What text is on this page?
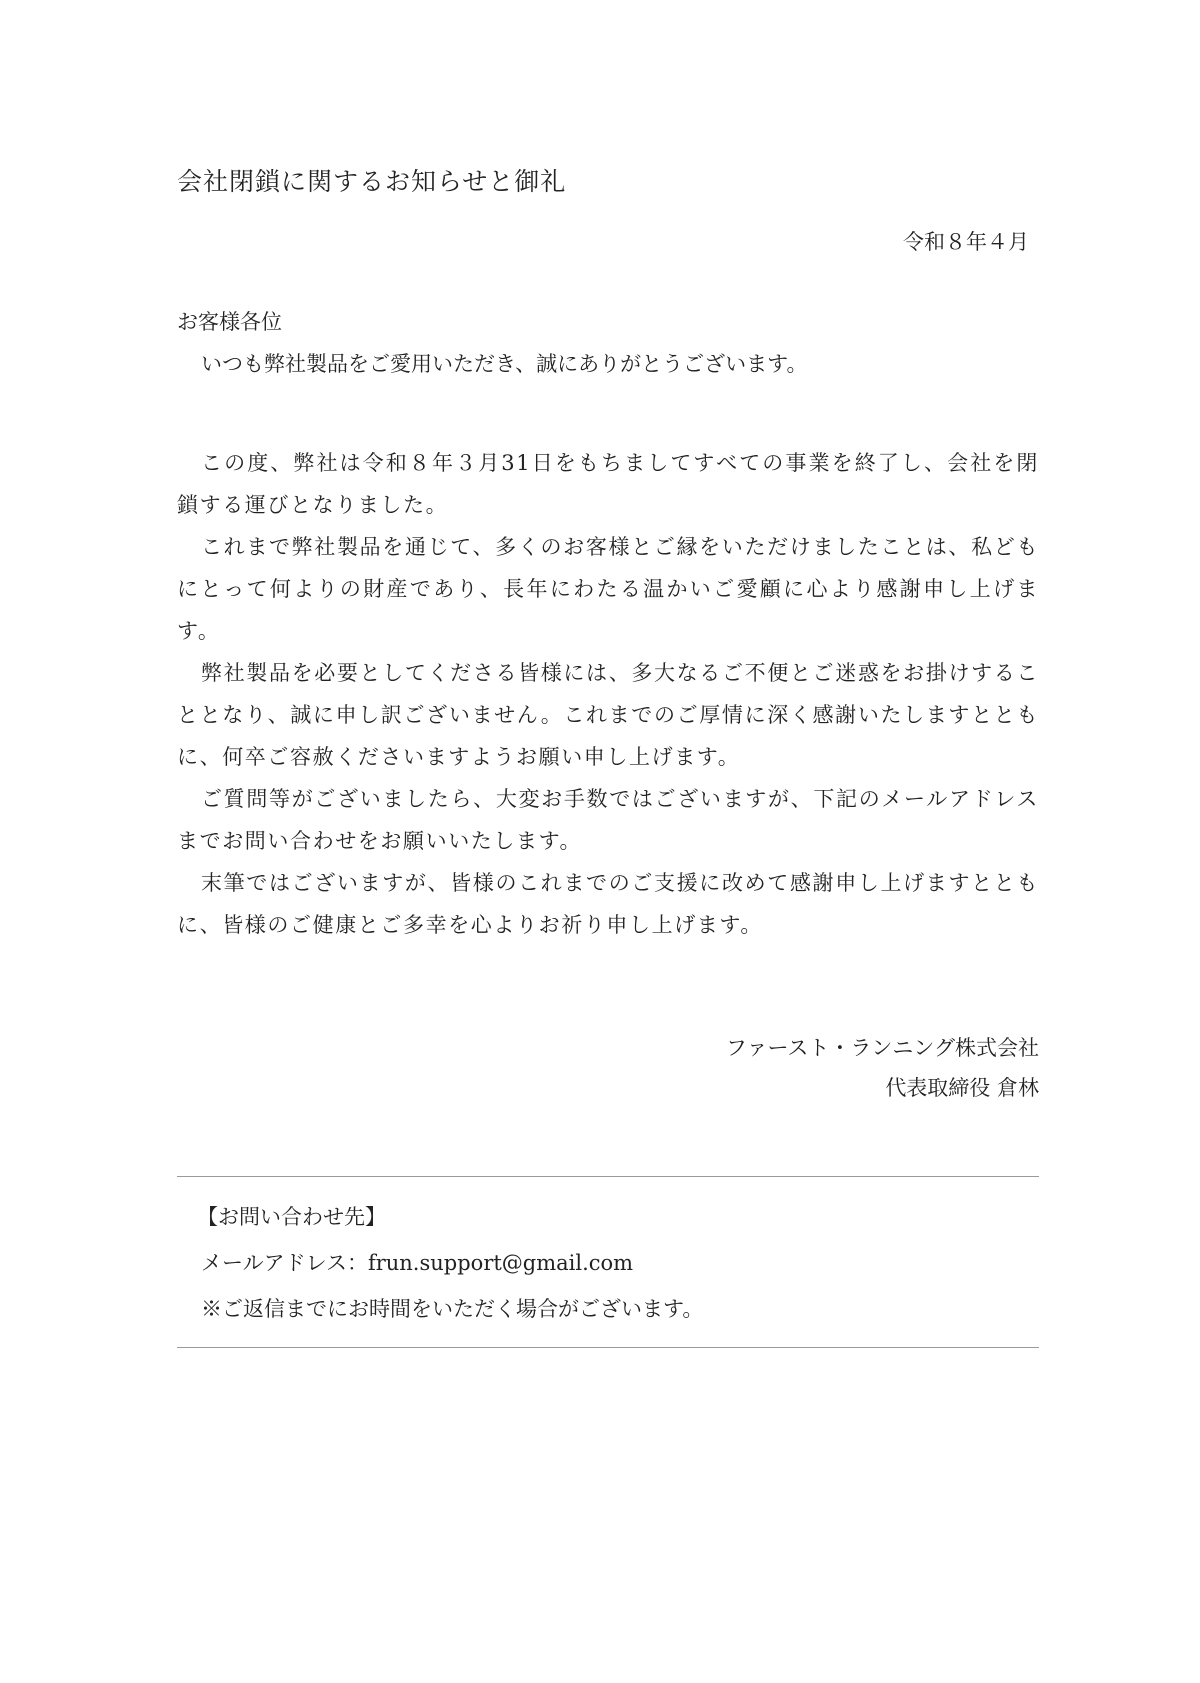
会社閉鎖に関するお知らせと御礼
令和８年４月
お客様各位
いつも弊社製品をご愛用いただき、誠にありがとうございます。

この度、弊社は令和８年３月31日をもちましてすべての事業を終了し、会社を閉鎖する運びとなりました。

これまで弊社製品を通じて、多くのお客様とご縁をいただけましたことは、私どもにとって何よりの財産であり、長年にわたる温かいご愛顧に心より感謝申し上げます。

弊社製品を必要としてくださる皆様には、多大なるご不便とご迷惑をお掛けすることとなり、誠に申し訳ございません。これまでのご厚情に深く感謝いたしますとともに、何卒ご容赦くださいますようお願い申し上げます。

ご質問等がございましたら、大変お手数ではございますが、下記のメールアドレスまでお問い合わせをお願いいたします。

末筆ではございますが、皆様のこれまでのご支援に改めて感謝申し上げますとともに、皆様のご健康とご多幸を心よりお祈り申し上げます。

ファースト・ランニング株式会社
代表取締役 倉林
【お問い合わせ先】
メールアドレス：frun.support@gmail.com
※ご返信までにお時間をいただく場合がございます。
